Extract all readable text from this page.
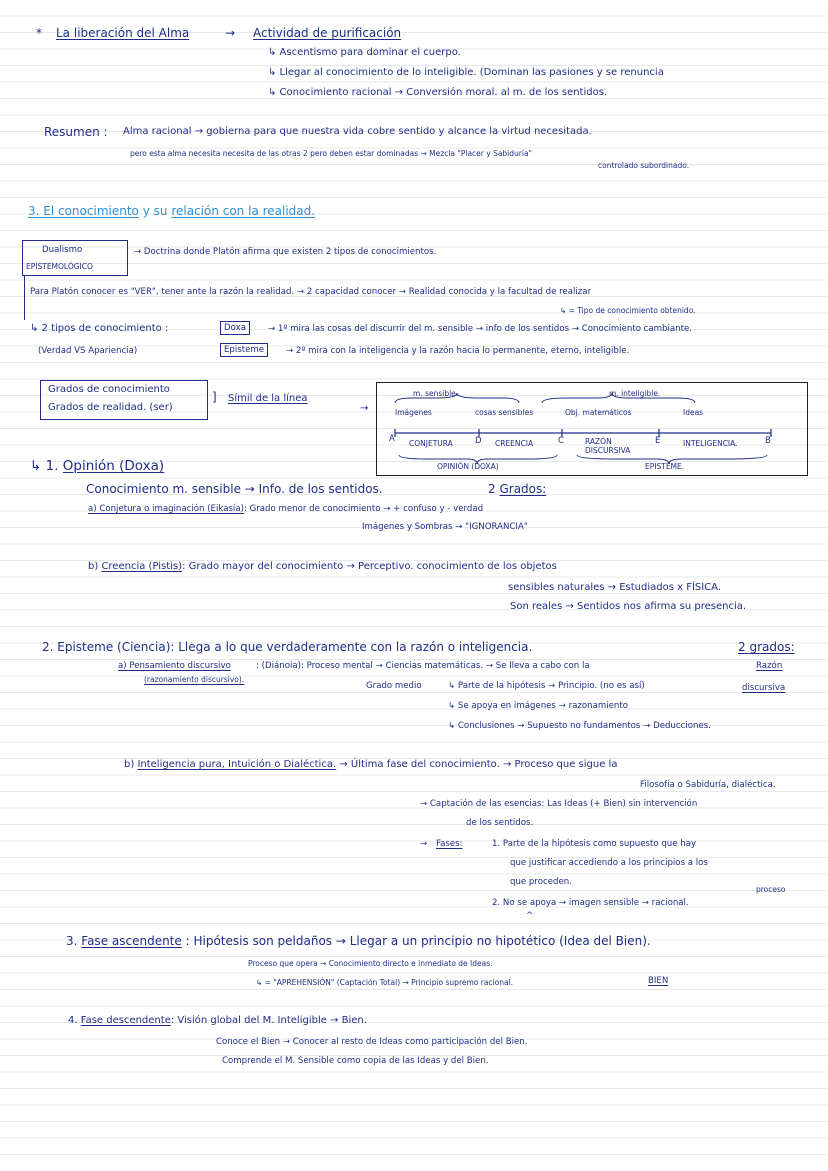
* La liberación del Alma	→ Actividad de purificación
↳ Ascentismo para dominar el cuerpo.
↳ Llegar al conocimiento de lo inteligible. (Dominan las pasiones y se renuncia
↳ Conocimiento racional → Conversión moral. al m. de los sentidos.
Resumen : Alma racional → gobierna para que nuestra vida cobre sentido y alcance la virtud necesitada.
pero esta alma necesita necesita de las otras 2 pero deben estar dominadas → Mezcla "Placer y Sabiduría"
controlado subordinado.
3. El conocimiento y su relación con la realidad.
Dualismo
EPISTEMOLÓGICO
→ Doctrina donde Platón afirma que existen 2 tipos de conocimientos.
Para Platón conocer es "VER", tener ante la razón la realidad. → 2 capacidad conocer → Realidad conocida y la facultad de realizar
↳ = Tipo de conocimiento obtenido.
↳ 2 tipos de conocimiento :
(Verdad VS Apariencia)
Doxa	→ 1º mira las cosas del discurrir del m. sensible → info de los sentidos → Conocimiento cambiante.
Episteme	→ 2º mira con la inteligencia y la razón hacia lo permanente, eterno, inteligible.
Grados de conocimiento
Grados de realidad. (ser)
] Símil de la línea
→
m. sensible.	m. inteligible.
Imágenes	cosas sensibles	Obj. matemáticos	Ideas
A	D	C	E	B
CONJETURA	CREENCIA	RAZÓN
DISCURSIVA
INTELIGENCIA.
OPINIÓN (DOXA)	EPISTEME.
↳ 1. Opinión (Doxa)
Conocimiento m. sensible → Info. de los sentidos.	2 Grados:
a) Conjetura o imaginación (Eikasía): Grado menor de conocimiento → + confuso y - verdad
Imágenes y Sombras → "IGNORANCIA"
b) Creencia (Pistis): Grado mayor del conocimiento → Perceptivo. conocimiento de los objetos
sensibles naturales → Estudiados x FÍSICA.
Son reales → Sentidos nos afirma su presencia.
2. Episteme (Ciencia): Llega a lo que verdaderamente con la razón o inteligencia.	2 grados:
a) Pensamiento discursivo
(razonamiento discursivo).
: (Diánoia): Proceso mental → Ciencias matemáticas. → Se lleva a cabo con la	Razón
discursiva
Grado medio	↳ Parte de la hipótesis → Principio. (no es así)
↳ Se apoya en imágenes → razonamiento
↳ Conclusiones → Supuesto no fundamentos → Deducciones.
b) Inteligencia pura, Intuición o Dialéctica. → Última fase del conocimiento. → Proceso que sigue la
Filosofía o Sabiduría, dialéctica.
→ Captación de las esencias: Las Ideas (+ Bien) sin intervención
de los sentidos.
→ Fases:	1. Parte de la hipótesis como supuesto que hay
que justificar accediendo a los principios a los
que proceden.
proceso
2. No se apoya → imagen sensible → racional.
^
3. Fase ascendente : Hipótesis son peldaños → Llegar a un principio no hipotético (Idea del Bien).
Proceso que opera → Conocimiento directo e inmediato de Ideas.
↳ = "APREHENSIÓN" (Captación Total) → Principio supremo racional.	BIEN
4. Fase descendente: Visión global del M. Inteligible → Bien.
Conoce el Bien → Conocer al resto de Ideas como participación del Bien.
Comprende el M. Sensible como copia de las Ideas y del Bien.
